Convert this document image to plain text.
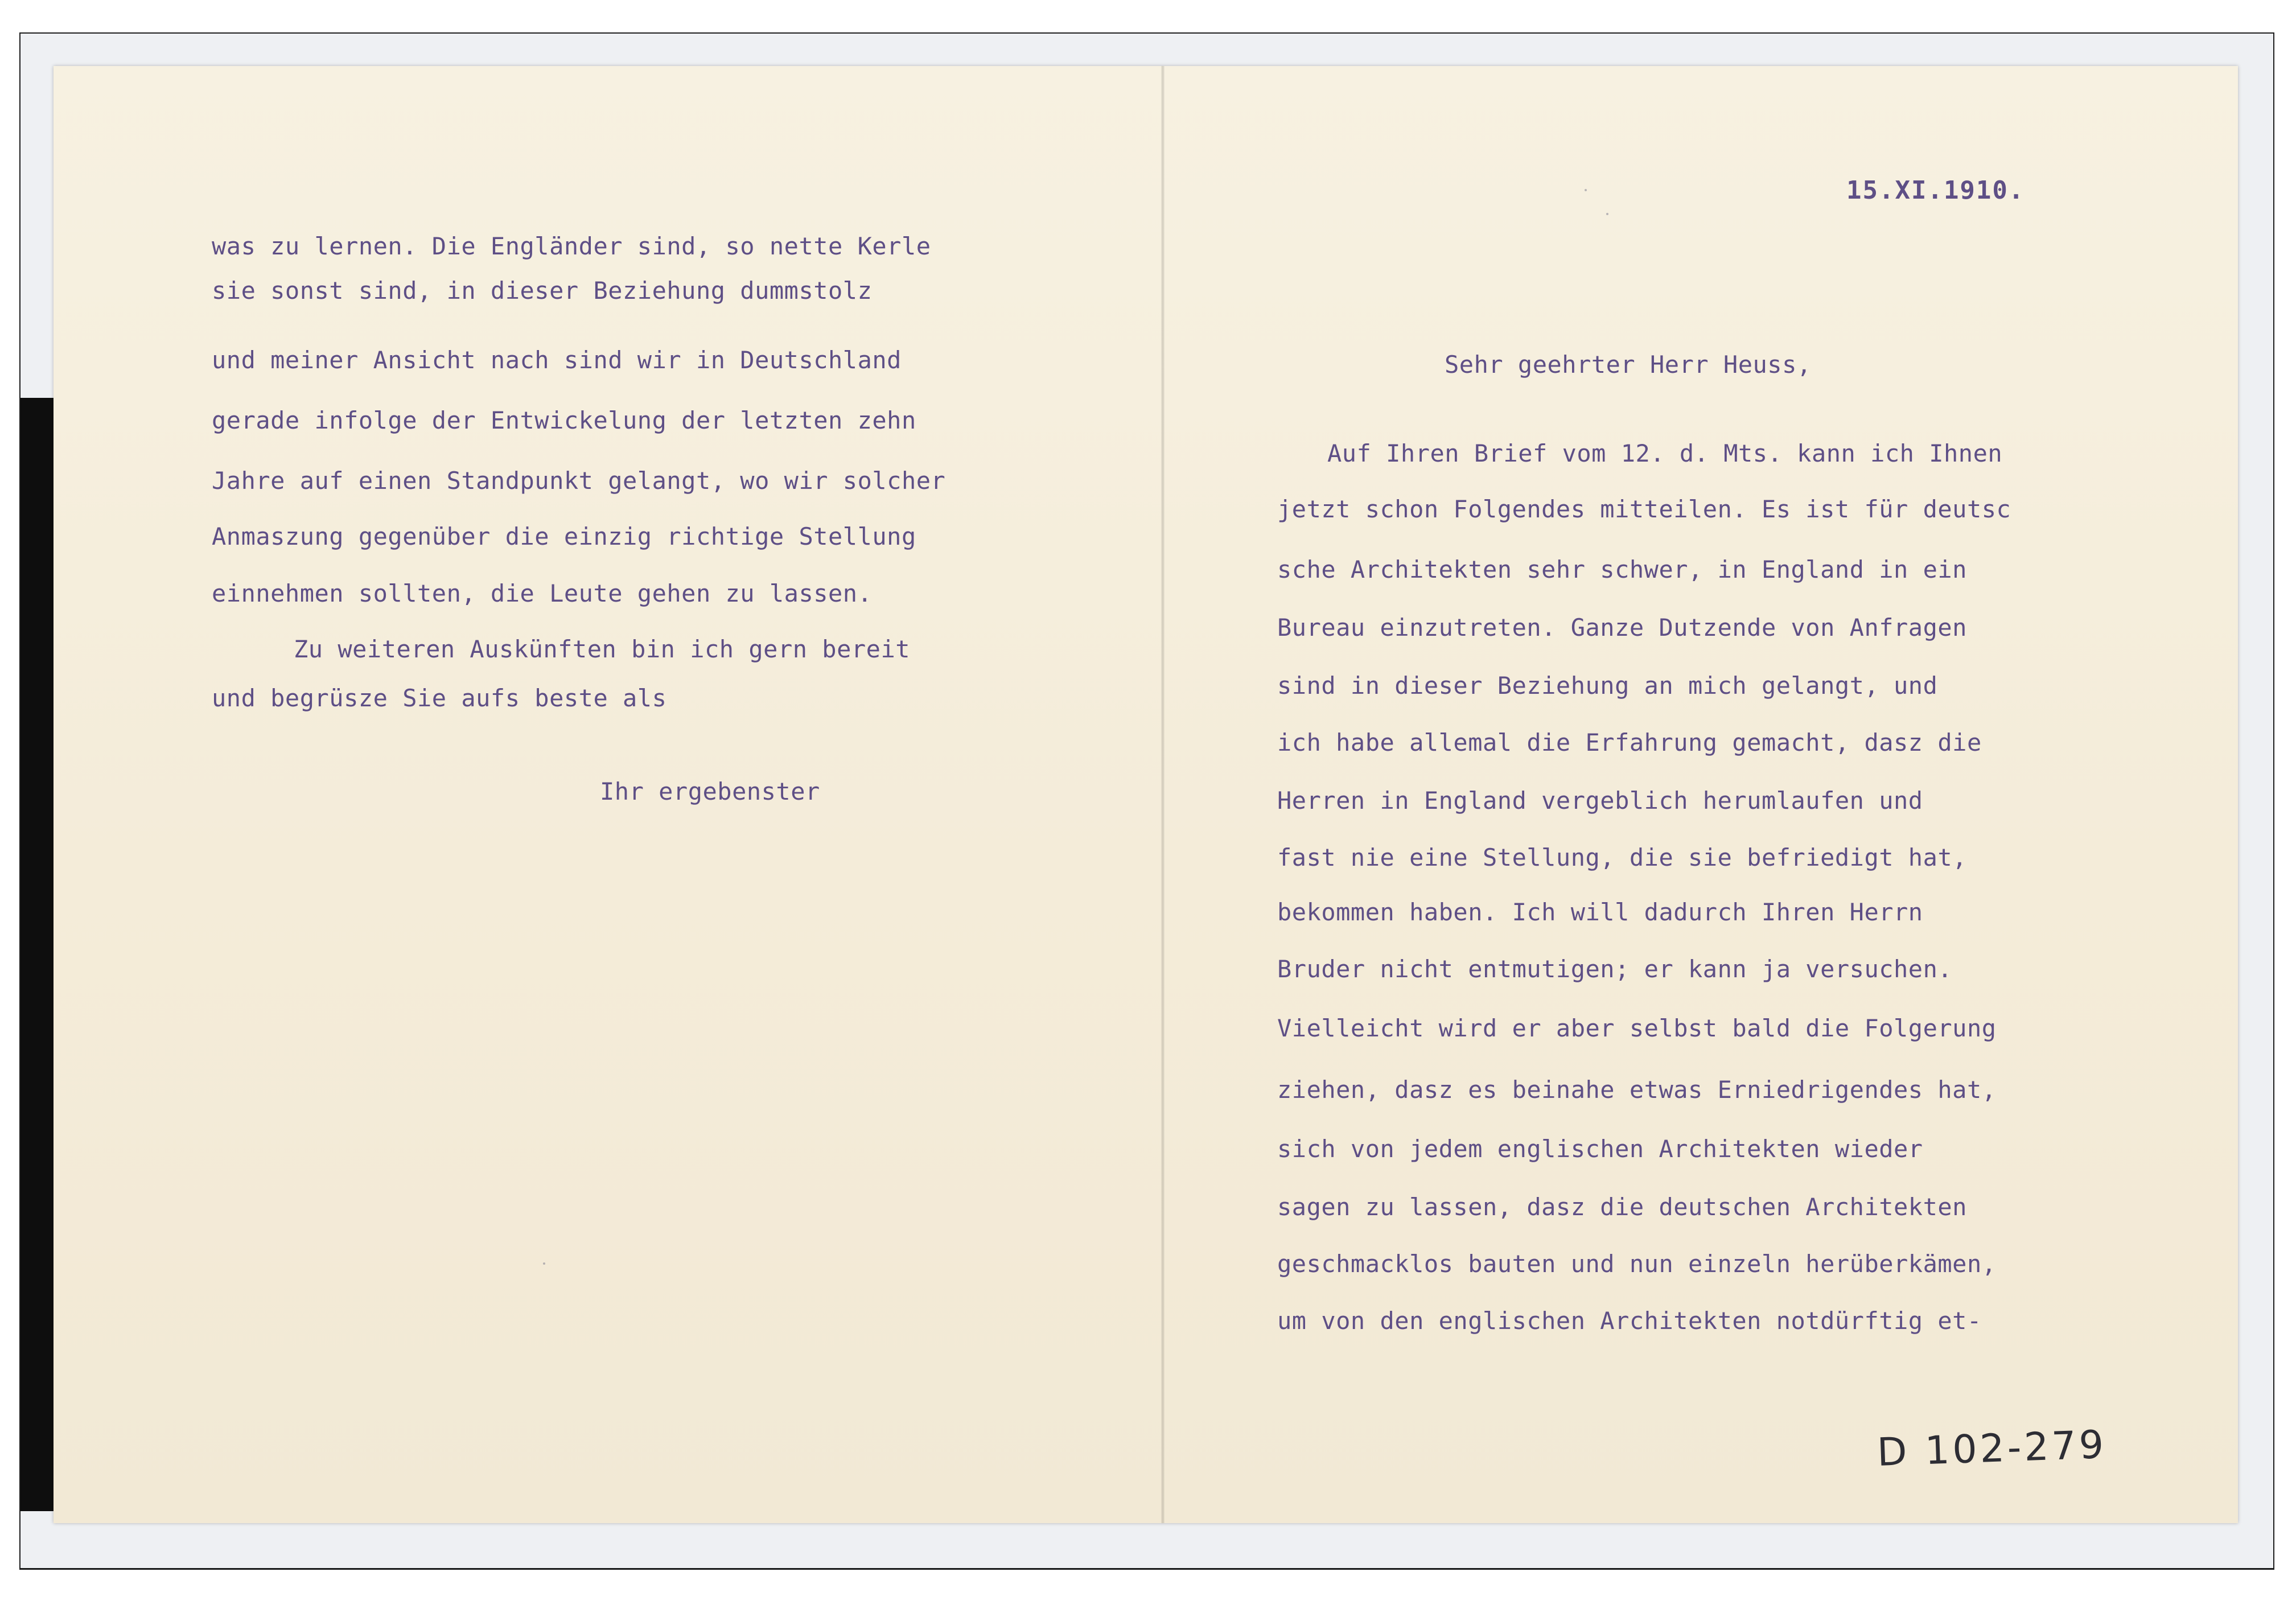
was zu lernen. Die Engländer sind, so nette Kerle

sie sonst sind, in dieser Beziehung dummstolz

und meiner Ansicht nach sind wir in Deutschland

gerade infolge der Entwickelung der letzten zehn

Jahre auf einen Standpunkt gelangt, wo wir solcher

Anmaszung gegenüber die einzig richtige Stellung

einnehmen sollten, die Leute gehen zu lassen.

Zu weiteren Auskünften bin ich gern bereit

und begrüsze Sie aufs beste als

Ihr ergebenster

15.XI.1910.

Sehr geehrter Herr Heuss,

Auf Ihren Brief vom 12. d. Mts. kann ich Ihnen

jetzt schon Folgendes mitteilen. Es ist für deutsc

sche Architekten sehr schwer, in England in ein

Bureau einzutreten. Ganze Dutzende von Anfragen

sind in dieser Beziehung an mich gelangt, und

ich habe allemal die Erfahrung gemacht, dasz die

Herren in England vergeblich herumlaufen und

fast nie eine Stellung, die sie befriedigt hat,

bekommen haben. Ich will dadurch Ihren Herrn

Bruder nicht entmutigen; er kann ja versuchen.

Vielleicht wird er aber selbst bald die Folgerung

ziehen, dasz es beinahe etwas Erniedrigendes hat,

sich von jedem englischen Architekten wieder

sagen zu lassen, dasz die deutschen Architekten

geschmacklos bauten und nun einzeln herüberkämen,

um von den englischen Architekten notdürftig et-

D 102-279
